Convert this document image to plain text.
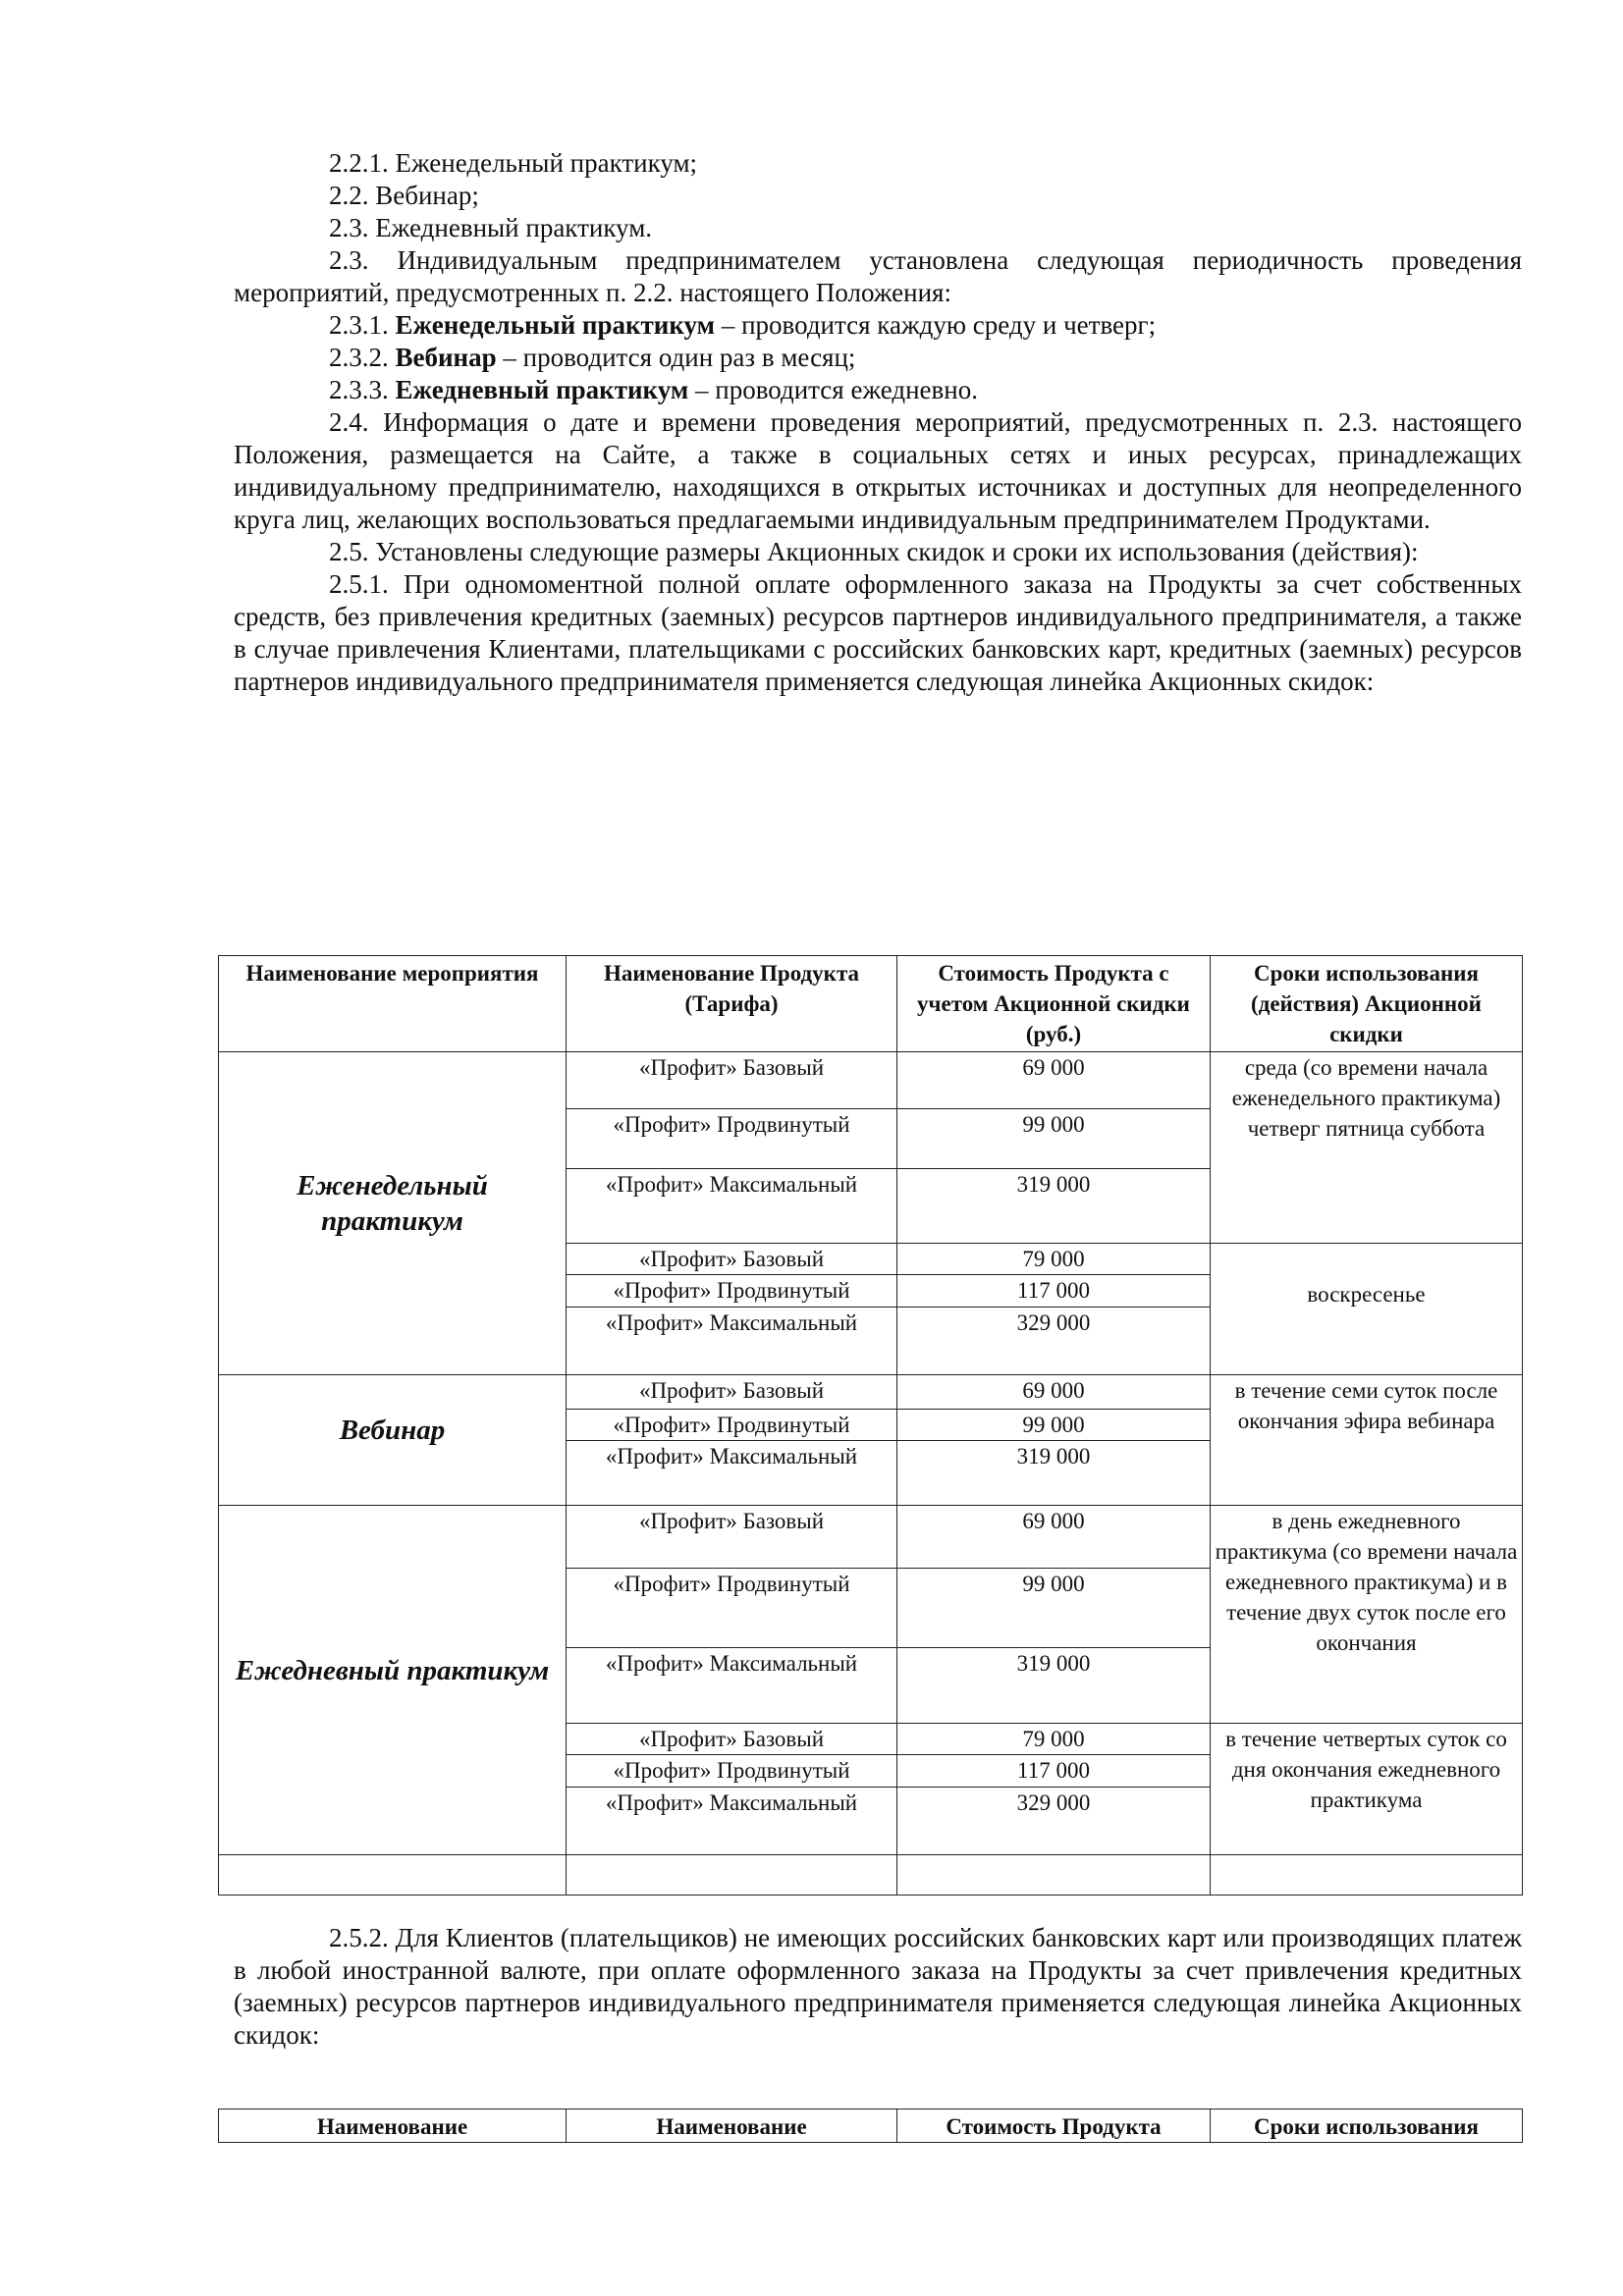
2.2.1. Еженедельный практикум;
2.2. Вебинар;
2.3. Ежедневный практикум.
2.3. Индивидуальным предпринимателем установлена следующая периодичность проведения мероприятий, предусмотренных п. 2.2. настоящего Положения:
2.3.1. Еженедельный практикум – проводится каждую среду и четверг;
2.3.2. Вебинар – проводится один раз в месяц;
2.3.3. Ежедневный практикум – проводится ежедневно.
2.4. Информация о дате и времени проведения мероприятий, предусмотренных п. 2.3. настоящего Положения, размещается на Сайте, а также в социальных сетях и иных ресурсах, принадлежащих индивидуальному предпринимателю, находящихся в открытых источниках и доступных для неопределенного круга лиц, желающих воспользоваться предлагаемыми индивидуальным предпринимателем Продуктами.
2.5. Установлены следующие размеры Акционных скидок и сроки их использования (действия):
2.5.1. При одномоментной полной оплате оформленного заказа на Продукты за счет собственных средств, без привлечения кредитных (заемных) ресурсов партнеров индивидуального предпринимателя, а также в случае привлечения Клиентами, плательщиками с российских банковских карт, кредитных (заемных) ресурсов партнеров индивидуального предпринимателя применяется следующая линейка Акционных скидок:
Наименование мероприятия	Наименование Продукта (Тарифа)	Стоимость Продукта с учетом Акционной скидки (руб.)	Сроки использования (действия) Акционной скидки
Еженедельный практикум	«Профит» Базовый	69 000	среда (со времени начала еженедельного практикума) четверг пятница суббота
	«Профит» Продвинутый	99 000	
	«Профит» Максимальный	319 000	
	«Профит» Базовый	79 000	воскресенье
	«Профит» Продвинутый	117 000	
	«Профит» Максимальный	329 000	
Вебинар	«Профит» Базовый	69 000	в течение семи суток после окончания эфира вебинара
	«Профит» Продвинутый	99 000	
	«Профит» Максимальный	319 000	
Ежедневный практикум	«Профит» Базовый	69 000	в день ежедневного практикума (со времени начала ежедневного практикума) и в течение двух суток после его окончания
	«Профит» Продвинутый	99 000	
	«Профит» Максимальный	319 000	
	«Профит» Базовый	79 000	в течение четвертых суток со дня окончания ежедневного практикума
	«Профит» Продвинутый	117 000	
	«Профит» Максимальный	329 000	

2.5.2. Для Клиентов (плательщиков) не имеющих российских банковских карт или производящих платеж в любой иностранной валюте, при оплате оформленного заказа на Продукты за счет привлечения кредитных (заемных) ресурсов партнеров индивидуального предпринимателя применяется следующая линейка Акционных скидок:
Наименование	Наименование	Стоимость Продукта	Сроки использования
